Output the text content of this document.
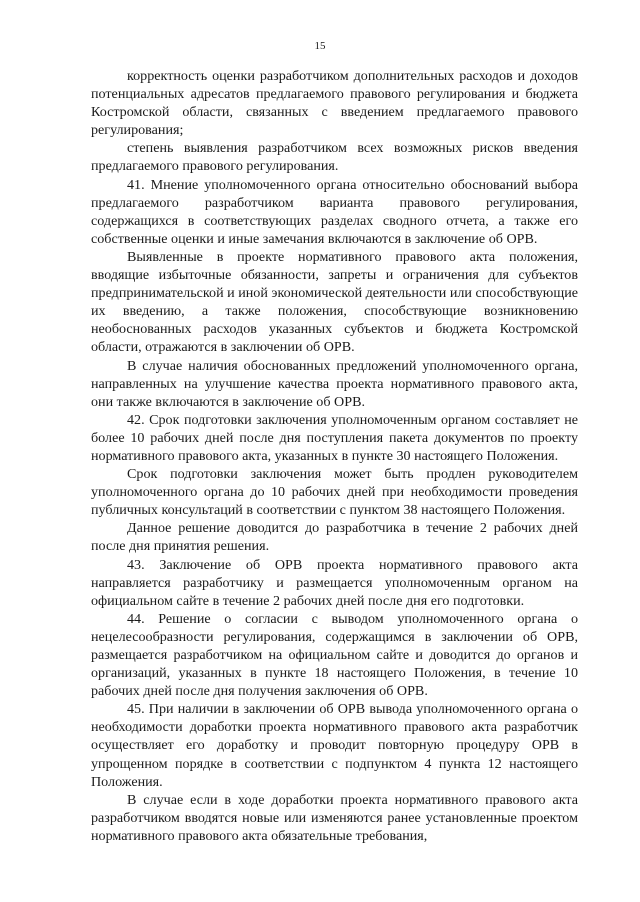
15

корректность оценки разработчиком дополнительных расходов и доходов потенциальных адресатов предлагаемого правового регулирования и бюджета Костромской области, связанных с введением предлагаемого правового регулирования;

степень выявления разработчиком всех возможных рисков введения предлагаемого правового регулирования.

41. Мнение уполномоченного органа относительно обоснований выбора предлагаемого разработчиком варианта правового регулирования, содержащихся в соответствующих разделах сводного отчета, а также его собственные оценки и иные замечания включаются в заключение об ОРВ.

Выявленные в проекте нормативного правового акта положения, вводящие избыточные обязанности, запреты и ограничения для субъектов предпринимательской и иной экономической деятельности или способствующие их введению, а также положения, способствующие возникновению необоснованных расходов указанных субъектов и бюджета Костромской области, отражаются в заключении об ОРВ.

В случае наличия обоснованных предложений уполномоченного органа, направленных на улучшение качества проекта нормативного правового акта, они также включаются в заключение об ОРВ.

42. Срок подготовки заключения уполномоченным органом составляет не более 10 рабочих дней после дня поступления пакета документов по проекту нормативного правового акта, указанных в пункте 30 настоящего Положения.

Срок подготовки заключения может быть продлен руководителем уполномоченного органа до 10 рабочих дней при необходимости проведения публичных консультаций в соответствии с пунктом 38 настоящего Положения.

Данное решение доводится до разработчика в течение 2 рабочих дней после дня принятия решения.

43. Заключение об ОРВ проекта нормативного правового акта направляется разработчику и размещается уполномоченным органом на официальном сайте в течение 2 рабочих дней после дня его подготовки.

44. Решение о согласии с выводом уполномоченного органа о нецелесообразности регулирования, содержащимся в заключении об ОРВ, размещается разработчиком на официальном сайте и доводится до органов и организаций, указанных в пункте 18 настоящего Положения, в течение 10 рабочих дней после дня получения заключения об ОРВ.

45. При наличии в заключении об ОРВ вывода уполномоченного органа о необходимости доработки проекта нормативного правового акта разработчик осуществляет его доработку и проводит повторную процедуру ОРВ в упрощенном порядке в соответствии с подпунктом 4 пункта 12 настоящего Положения.

В случае если в ходе доработки проекта нормативного правового акта разработчиком вводятся новые или изменяются ранее установленные проектом нормативного правового акта обязательные требования,
